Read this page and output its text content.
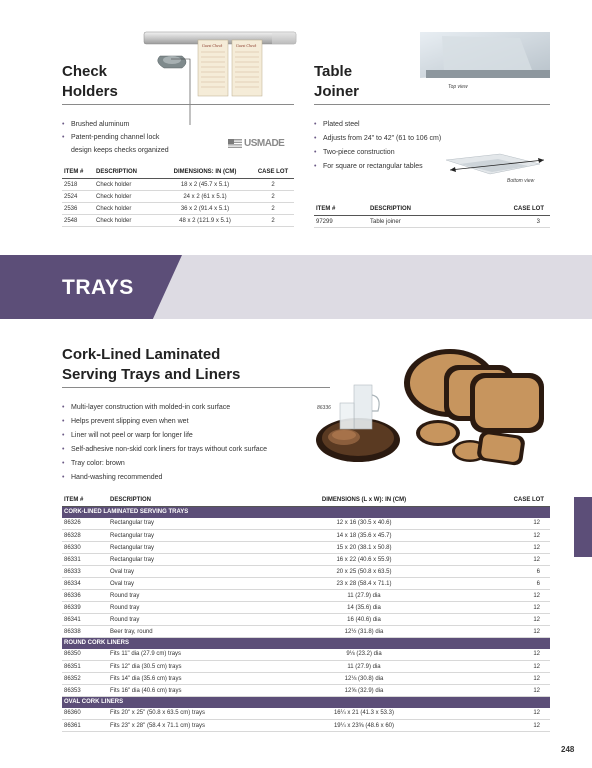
Guest Check	Guest Check
Check
Holders
• Brushed aluminum
• Patent-pending channel lock
design keeps checks organized
USMADE
ITEM #	DESCRIPTION	DIMENSIONS: IN (CM)	CASE LOT
2518	Check holder	18 x 2 (45.7 x 5.1)	2
2524	Check holder	24 x 2 (61 x 5.1)	2
2536	Check holder	36 x 2 (91.4 x 5.1)	2
2548	Check holder	48 x 2 (121.9 x 5.1)	2
Top view
Table
Joiner
• Plated steel
• Adjusts from 24" to 42" (61 to 106 cm)
• Two-piece construction
• For square or rectangular tables
Bottom view
ITEM #	DESCRIPTION	CASE LOT
97299	Table joiner	3
TRAYS
Cork-Lined Laminated
Serving Trays and Liners
86336
• Multi-layer construction with molded-in cork surface
• Helps prevent slipping even when wet
• Liner will not peel or warp for longer life
• Self-adhesive non-skid cork liners for trays without cork surface
• Tray color: brown
• Hand-washing recommended
ITEM #	DESCRIPTION	DIMENSIONS (L x W): IN (CM)	CASE LOT
CORK-LINED LAMINATED SERVING TRAYS			
86326	Rectangular tray	12 x 16 (30.5 x 40.6)	12
86328	Rectangular tray	14 x 18 (35.6 x 45.7)	12
86330	Rectangular tray	15 x 20 (38.1 x 50.8)	12
86331	Rectangular tray	16 x 22 (40.6 x 55.9)	12
86333	Oval tray	20 x 25 (50.8 x 63.5)	6
86334	Oval tray	23 x 28 (58.4 x 71.1)	6
86336	Round tray	11 (27.9) dia	12
86339	Round tray	14 (35.6) dia	12
86341	Round tray	16 (40.6) dia	12
86338	Beer tray, round	12½ (31.8) dia	12
ROUND CORK LINERS			
86350	Fits 11" dia (27.9 cm) trays	9⅛ (23.2) dia	12
86351	Fits 12" dia (30.5 cm) trays	11 (27.9) dia	12
86352	Fits 14" dia (35.6 cm) trays	12⅛ (30.8) dia	12
86353	Fits 16" dia (40.6 cm) trays	12⅝ (32.9) dia	12
OVAL CORK LINERS			
86360	Fits 20" x 25" (50.8 x 63.5 cm) trays	16¼ x 21 (41.3 x 53.3)	12
86361	Fits 23" x 28" (58.4 x 71.1 cm) trays	19¼ x 23⅝ (48.6 x 60)	12
248
